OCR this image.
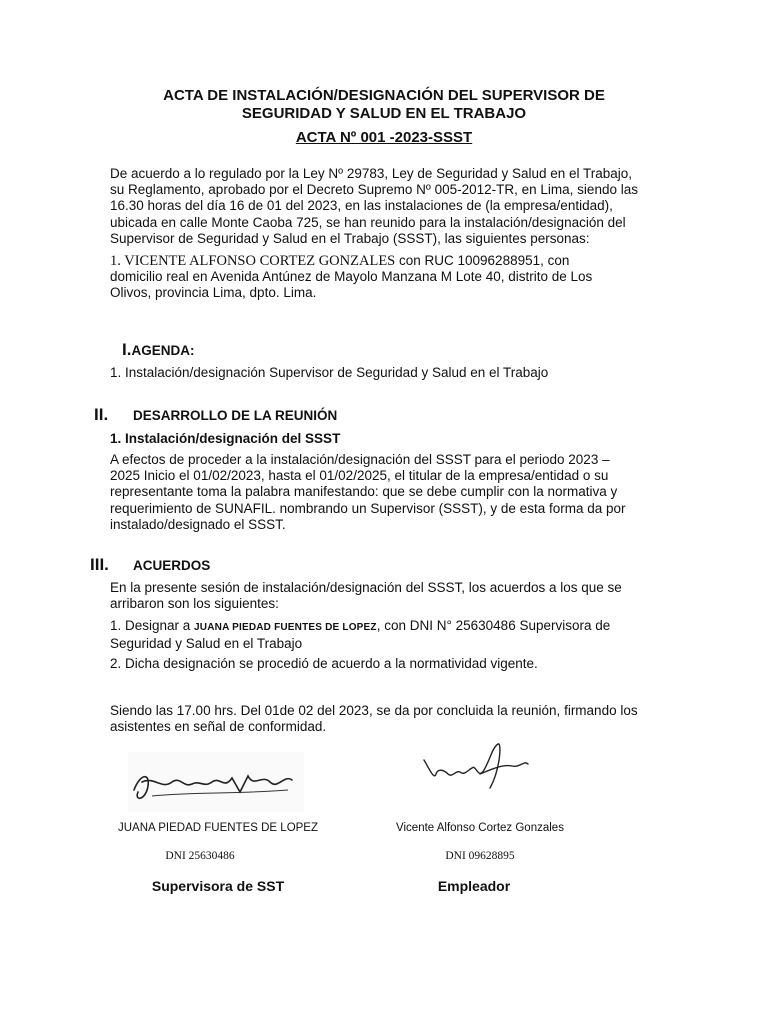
ACTA DE INSTALACIÓN/DESIGNACIÓN DEL SUPERVISOR DE
SEGURIDAD Y SALUD EN EL TRABAJO
ACTA Nº 001 -2023-SSST
De acuerdo a lo regulado por la Ley Nº 29783, Ley de Seguridad y Salud en el Trabajo,
su Reglamento, aprobado por el Decreto Supremo Nº 005-2012-TR, en Lima, siendo las
16.30 horas del día 16 de 01 del 2023, en las instalaciones de (la empresa/entidad),
ubicada en calle Monte Caoba 725, se han reunido para la instalación/designación del
Supervisor de Seguridad y Salud en el Trabajo (SSST), las siguientes personas:
1. VICENTE ALFONSO CORTEZ GONZALES con RUC 10096288951, con
domicilio real en Avenida Antúnez de Mayolo Manzana M Lote 40, distrito de Los
Olivos, provincia Lima, dpto. Lima.
I.AGENDA:
1. Instalación/designación Supervisor de Seguridad y Salud en el Trabajo
II. DESARROLLO DE LA REUNIÓN
1. Instalación/designación del SSST
A efectos de proceder a la instalación/designación del SSST para el periodo 2023 –
2025 Inicio el 01/02/2023, hasta el 01/02/2025, el titular de la empresa/entidad o su
representante toma la palabra manifestando: que se debe cumplir con la normativa y
requerimiento de SUNAFIL. nombrando un Supervisor (SSST), y de esta forma da por
instalado/designado el SSST.
III. ACUERDOS
En la presente sesión de instalación/designación del SSST, los acuerdos a los que se
arribaron son los siguientes:
1. Designar a JUANA PIEDAD FUENTES DE LOPEZ, con DNI N° 25630486 Supervisora de
Seguridad y Salud en el Trabajo
2. Dicha designación se procedió de acuerdo a la normatividad vigente.
Siendo las 17.00 hrs. Del 01de 02 del 2023, se da por concluida la reunión, firmando los
asistentes en señal de conformidad.
JUANA PIEDAD FUENTES DE LOPEZ	Vicente Alfonso Cortez Gonzales
DNI 25630486	DNI 09628895
Supervisora de SST	Empleador
